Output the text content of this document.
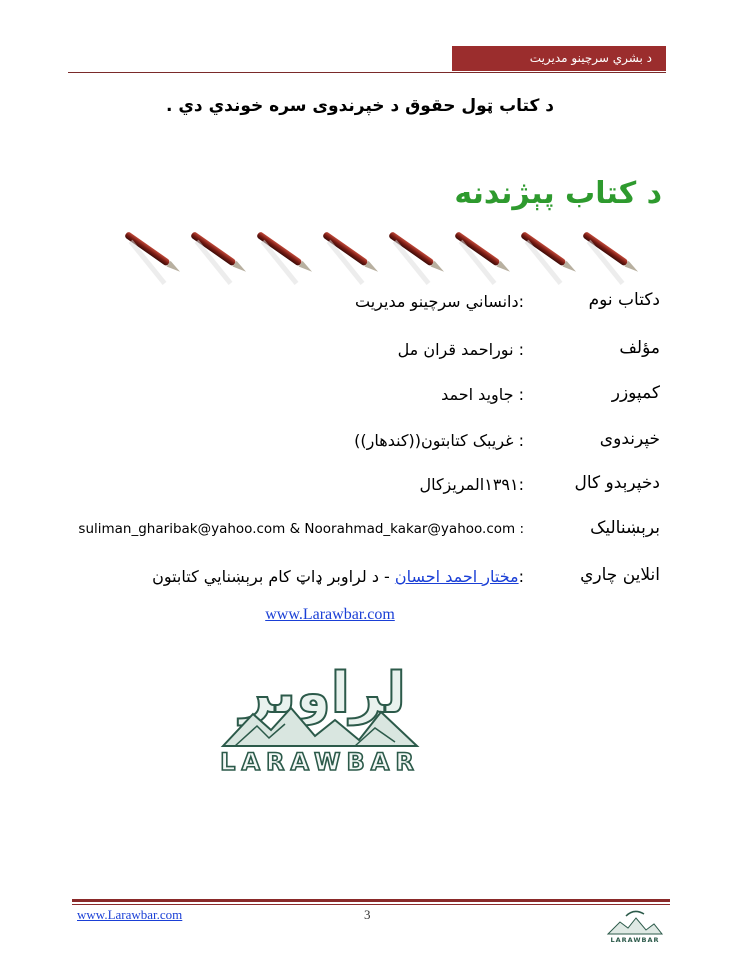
د بشري سرچينو مديريت
د كتاب ټول حقوق د خپرندوی سره خوندي دي .
د كتاب پېژندنه
دكتاب نوم
:دانساني سرچينو مديريت
مؤلف
: نوراحمد قران مل
كمپوزر
: جاويد احمد
خپرندوی
: غريبک کتابتون((کندهار))
دخپرېدو كال
:۱۳۹۱المريزكال
برېښناليک
suliman_gharibak@yahoo.com & Noorahmad_kakar@yahoo.com :
انلاين چاري
:مختار احمد احسان - د لراوبر ډاټ کام برېښنايي کتابتون
www.Larawbar.com
لراوبر
LARAWBAR
www.Larawbar.com	3
LARAWBAR
